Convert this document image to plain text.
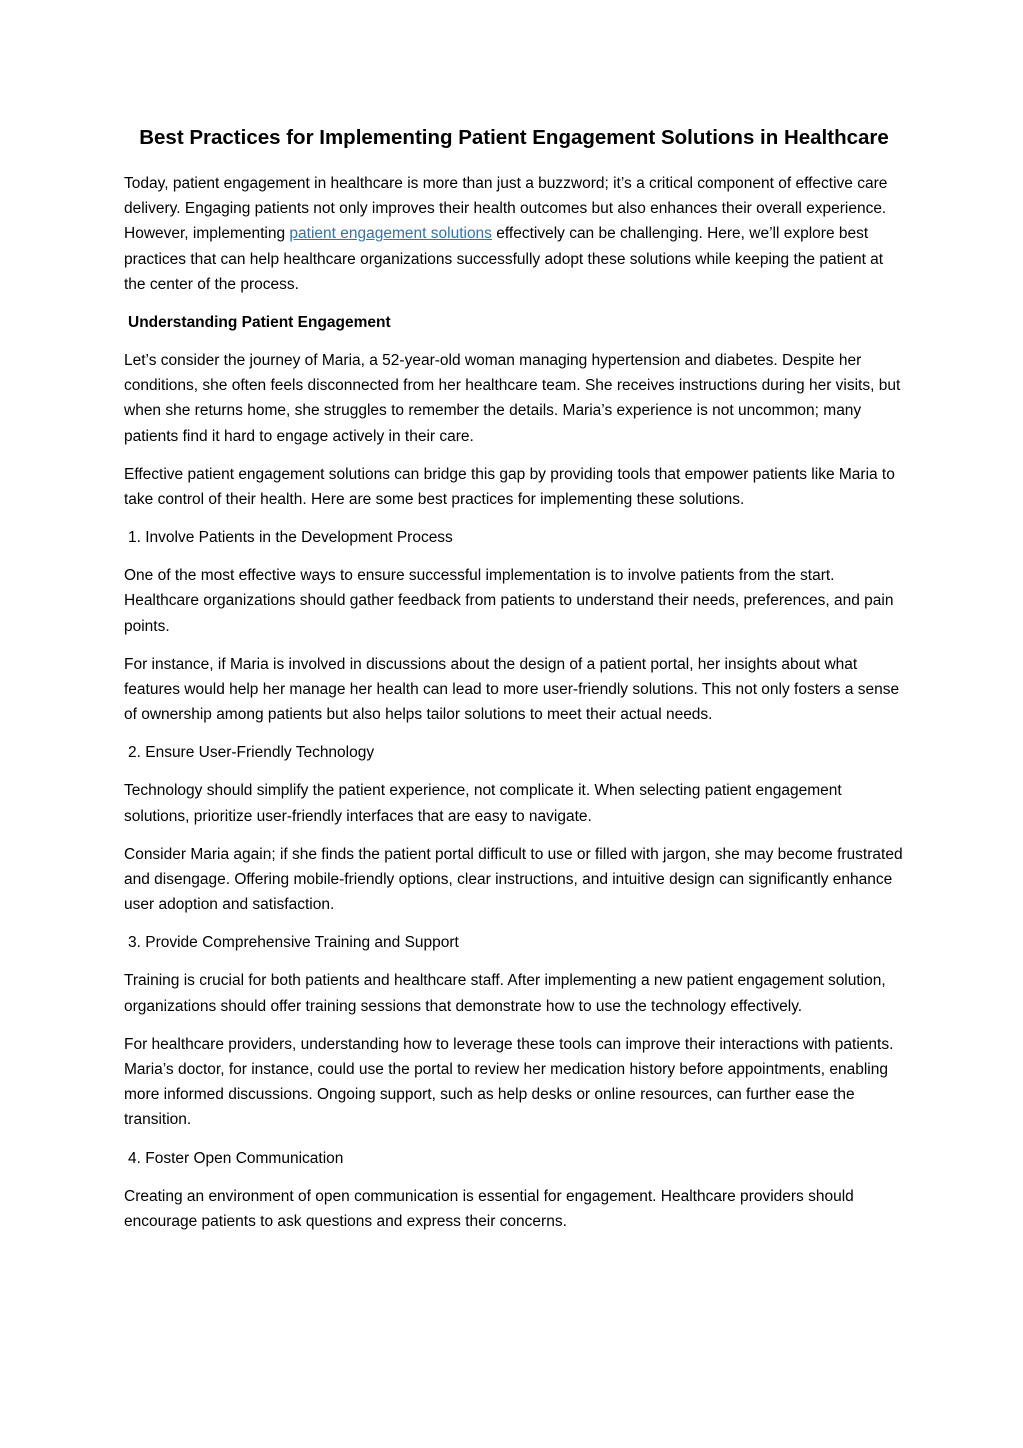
Best Practices for Implementing Patient Engagement Solutions in Healthcare

Today, patient engagement in healthcare is more than just a buzzword; it’s a critical component of effective care delivery. Engaging patients not only improves their health outcomes but also enhances their overall experience. However, implementing patient engagement solutions effectively can be challenging. Here, we’ll explore best practices that can help healthcare organizations successfully adopt these solutions while keeping the patient at the center of the process.

Understanding Patient Engagement

Let’s consider the journey of Maria, a 52-year-old woman managing hypertension and diabetes. Despite her conditions, she often feels disconnected from her healthcare team. She receives instructions during her visits, but when she returns home, she struggles to remember the details. Maria’s experience is not uncommon; many patients find it hard to engage actively in their care.

Effective patient engagement solutions can bridge this gap by providing tools that empower patients like Maria to take control of their health. Here are some best practices for implementing these solutions.

1. Involve Patients in the Development Process

One of the most effective ways to ensure successful implementation is to involve patients from the start. Healthcare organizations should gather feedback from patients to understand their needs, preferences, and pain points.

For instance, if Maria is involved in discussions about the design of a patient portal, her insights about what features would help her manage her health can lead to more user-friendly solutions. This not only fosters a sense of ownership among patients but also helps tailor solutions to meet their actual needs.

2. Ensure User-Friendly Technology

Technology should simplify the patient experience, not complicate it. When selecting patient engagement solutions, prioritize user-friendly interfaces that are easy to navigate.

Consider Maria again; if she finds the patient portal difficult to use or filled with jargon, she may become frustrated and disengage. Offering mobile-friendly options, clear instructions, and intuitive design can significantly enhance user adoption and satisfaction.

3. Provide Comprehensive Training and Support

Training is crucial for both patients and healthcare staff. After implementing a new patient engagement solution, organizations should offer training sessions that demonstrate how to use the technology effectively.

For healthcare providers, understanding how to leverage these tools can improve their interactions with patients. Maria’s doctor, for instance, could use the portal to review her medication history before appointments, enabling more informed discussions. Ongoing support, such as help desks or online resources, can further ease the transition.

4. Foster Open Communication

Creating an environment of open communication is essential for engagement. Healthcare providers should encourage patients to ask questions and express their concerns.
